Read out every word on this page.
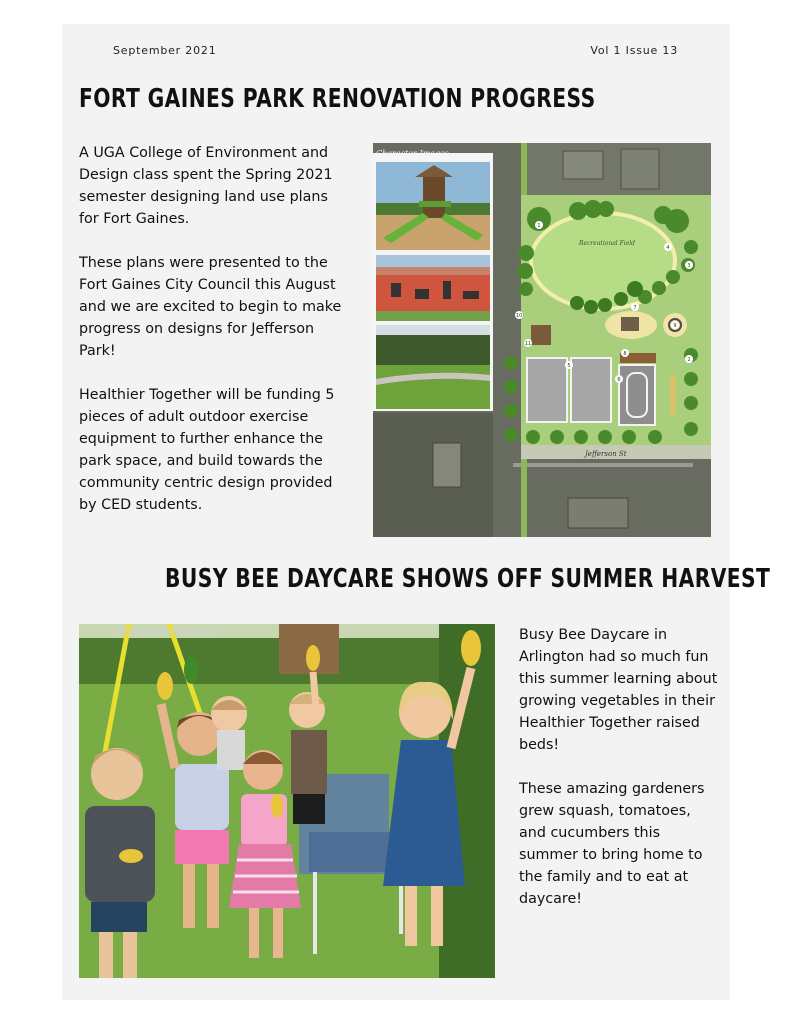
September 2021	Vol 1 Issue 13
FORT GAINES PARK RENOVATION PROGRESS

A UGA College of Environment and Design class spent the Spring 2021 semester designing land use plans for Fort Gaines.

These plans were presented to the Fort Gaines City Council this August and we are excited to begin to make progress on designs for Jefferson Park!

Healthier Together will be funding 5 pieces of adult outdoor exercise equipment to further enhance the park space, and build towards the community centric design provided by CED students.

Character Images
Recreational Field
Jefferson St
1
2
3
4
5
6
7
8
9
10
11
BUSY BEE DAYCARE SHOWS OFF SUMMER HARVEST

Busy Bee Daycare in Arlington had so much fun this summer learning about growing vegetables in their Healthier Together raised beds!

These amazing gardeners grew squash, tomatoes, and cucumbers this summer to bring home to the family and to eat at daycare!
